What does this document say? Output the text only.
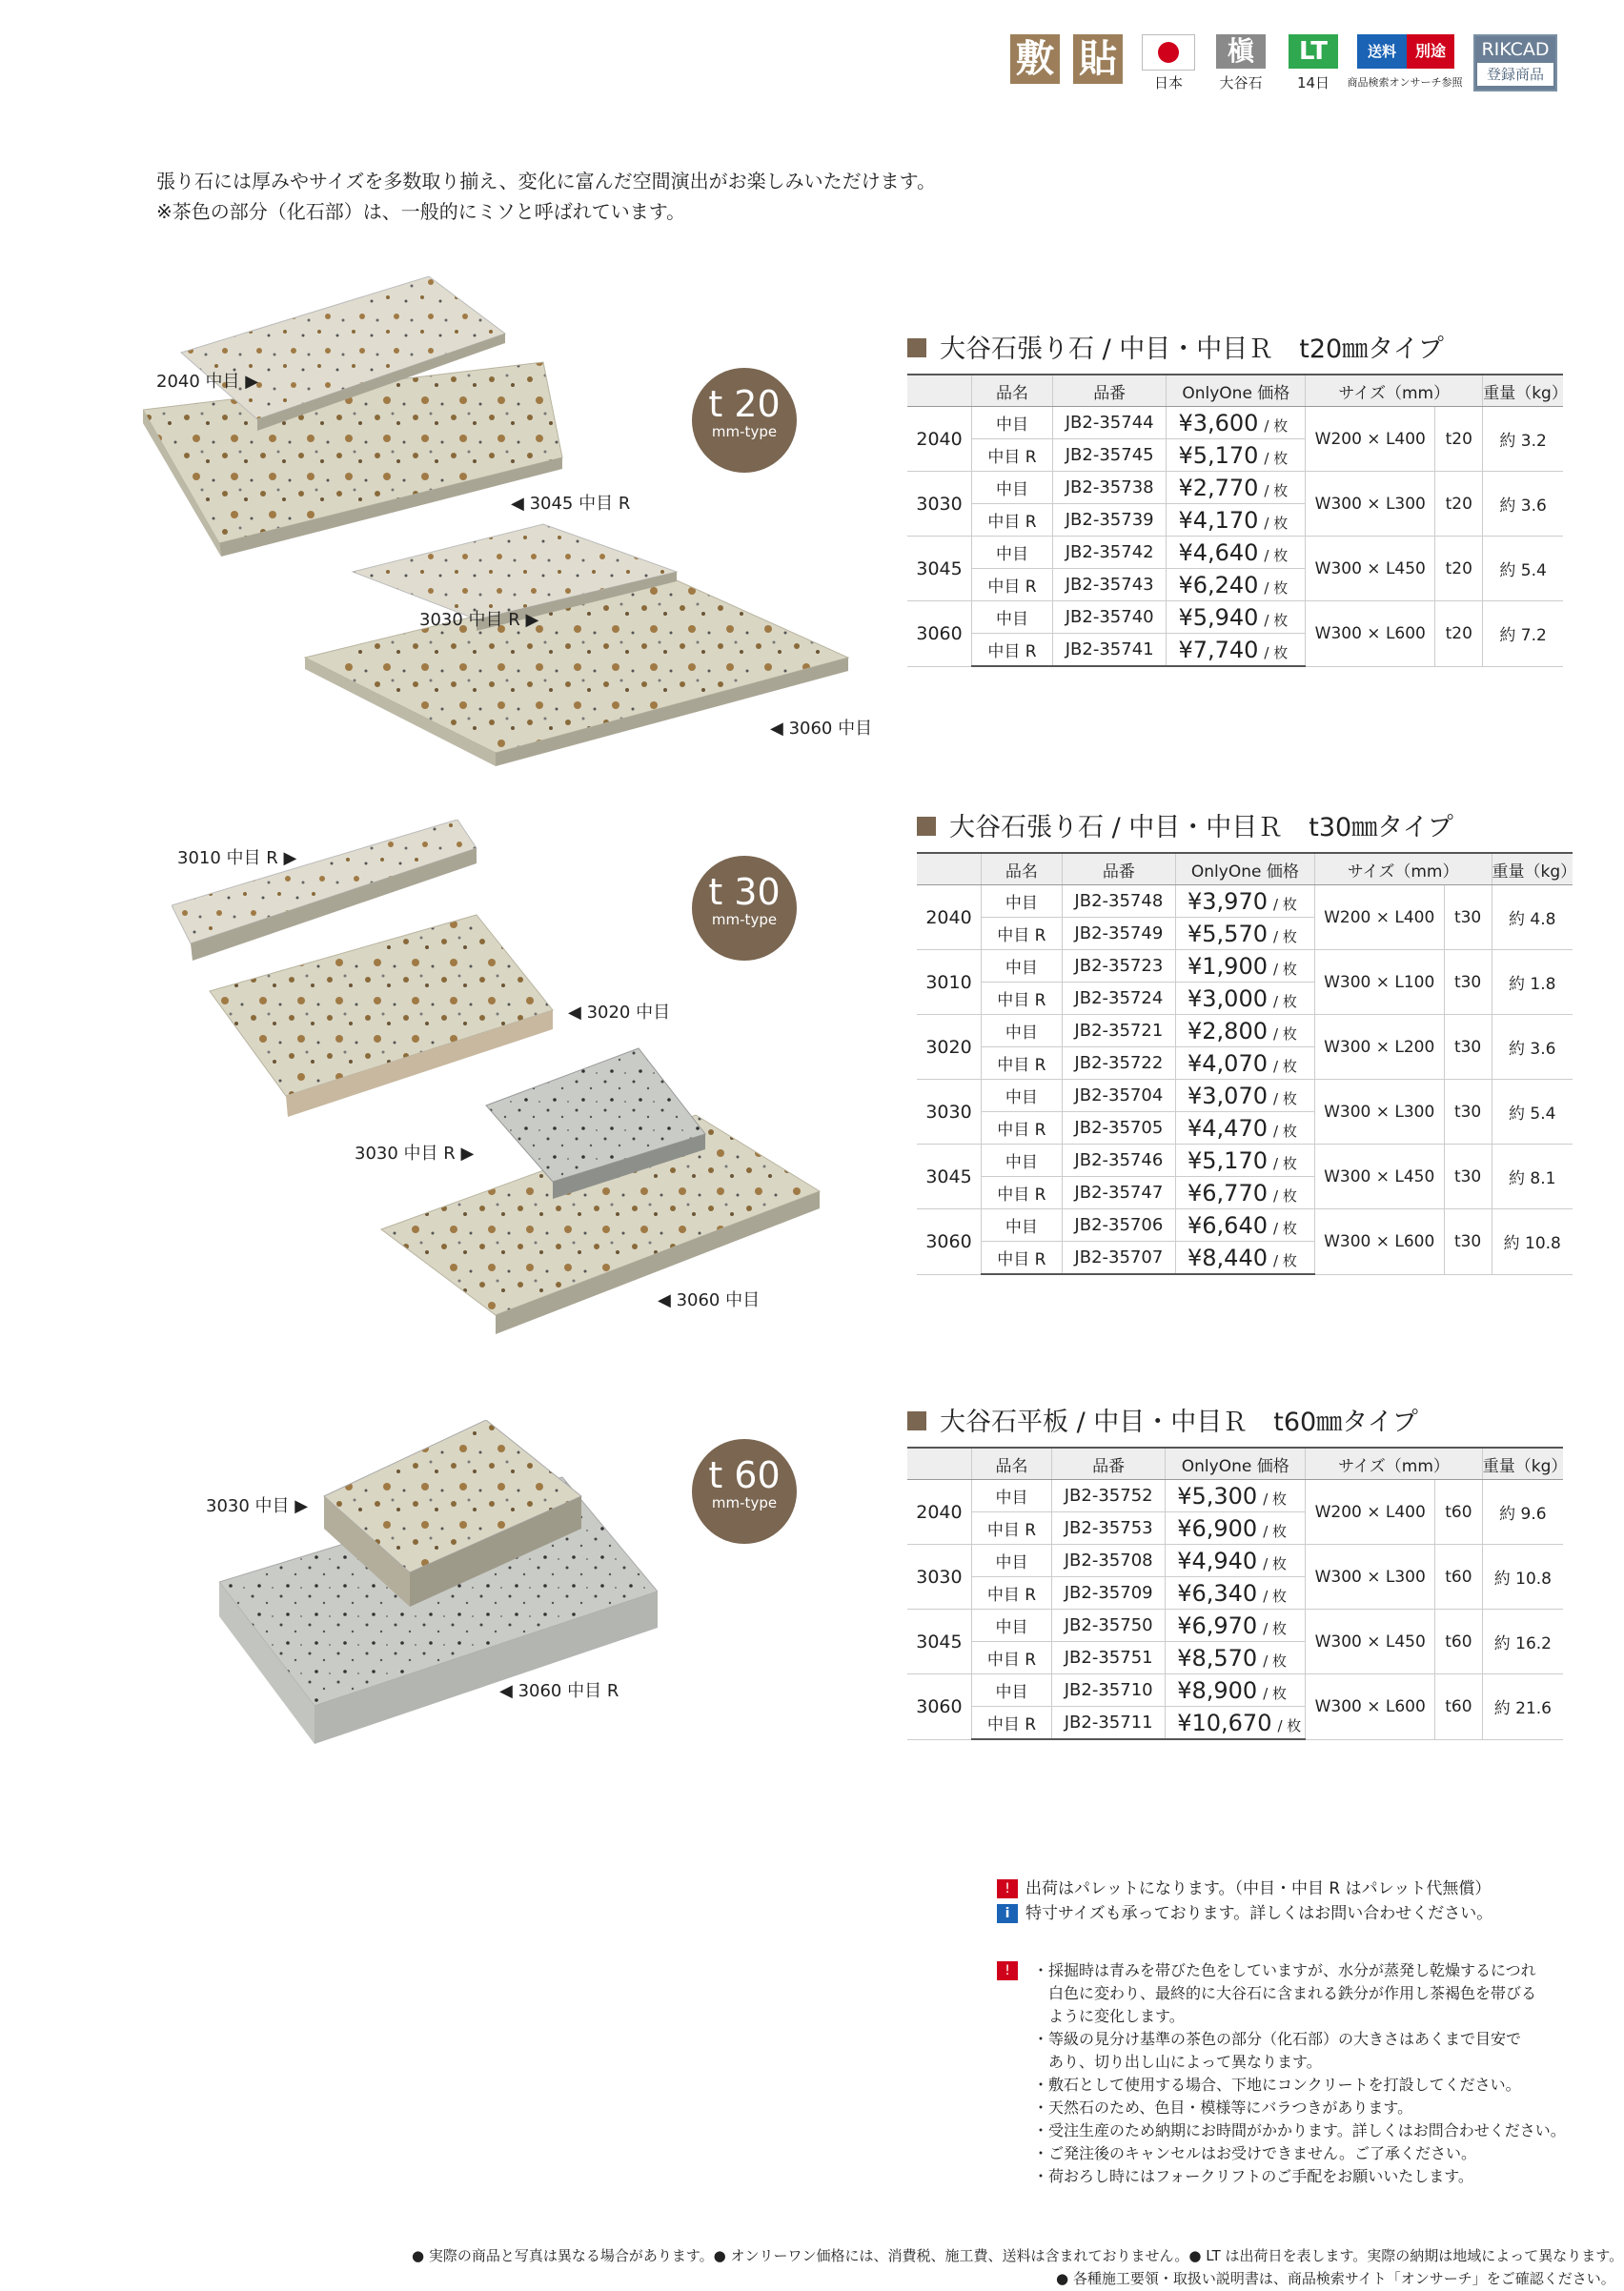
敷 貼
日本
槇
大谷石
LT
14日
送料	別途
商品検索オンサーチ参照
RIKCAD
登録商品
張り石には厚みやサイズを多数取り揃え、変化に富んだ空間演出がお楽しみいただけます。
※茶色の部分（化石部）は、一般的にミソと呼ばれています。
2040 中目 ▶
◀ 3045 中目 R
3030 中目 R ▶
◀ 3060 中目
3010 中目 R ▶
◀ 3020 中目
3030 中目 R ▶
◀ 3060 中目
3030 中目 ▶
◀ 3060 中目 R
t 20
mm-type
t 30
mm-type
t 60
mm-type
大谷石張り石 / 中目・中目Ｒ　t20㎜タイプ
大谷石張り石 / 中目・中目Ｒ　t30㎜タイプ
大谷石平板 / 中目・中目Ｒ　t60㎜タイプ
	品名	品番	OnlyOne 価格	サイズ（mm）		重量（kg）
2040	中目	JB2-35744	¥3,600 / 枚	W200 × L400	t20	約 3.2
	中目 R	JB2-35745	¥5,170 / 枚			
3030	中目	JB2-35738	¥2,770 / 枚	W300 × L300	t20	約 3.6
	中目 R	JB2-35739	¥4,170 / 枚			
3045	中目	JB2-35742	¥4,640 / 枚	W300 × L450	t20	約 5.4
	中目 R	JB2-35743	¥6,240 / 枚			
3060	中目	JB2-35740	¥5,940 / 枚	W300 × L600	t20	約 7.2
	中目 R	JB2-35741	¥7,740 / 枚			
	品名	品番	OnlyOne 価格	サイズ（mm）		重量（kg）
2040	中目	JB2-35748	¥3,970 / 枚	W200 × L400	t30	約 4.8
	中目 R	JB2-35749	¥5,570 / 枚			
3010	中目	JB2-35723	¥1,900 / 枚	W300 × L100	t30	約 1.8
	中目 R	JB2-35724	¥3,000 / 枚			
3020	中目	JB2-35721	¥2,800 / 枚	W300 × L200	t30	約 3.6
	中目 R	JB2-35722	¥4,070 / 枚			
3030	中目	JB2-35704	¥3,070 / 枚	W300 × L300	t30	約 5.4
	中目 R	JB2-35705	¥4,470 / 枚			
3045	中目	JB2-35746	¥5,170 / 枚	W300 × L450	t30	約 8.1
	中目 R	JB2-35747	¥6,770 / 枚			
3060	中目	JB2-35706	¥6,640 / 枚	W300 × L600	t30	約 10.8
	中目 R	JB2-35707	¥8,440 / 枚			
	品名	品番	OnlyOne 価格	サイズ（mm）		重量（kg）
2040	中目	JB2-35752	¥5,300 / 枚	W200 × L400	t60	約 9.6
	中目 R	JB2-35753	¥6,900 / 枚			
3030	中目	JB2-35708	¥4,940 / 枚	W300 × L300	t60	約 10.8
	中目 R	JB2-35709	¥6,340 / 枚			
3045	中目	JB2-35750	¥6,970 / 枚	W300 × L450	t60	約 16.2
	中目 R	JB2-35751	¥8,570 / 枚			
3060	中目	JB2-35710	¥8,900 / 枚	W300 × L600	t60	約 21.6
	中目 R	JB2-35711	¥10,670 / 枚			
! 出荷はパレットになります。（中目・中目 R はパレット代無償）
i 特寸サイズも承っております。詳しくはお問い合わせください。
!	・採掘時は青みを帯びた色をしていますが、水分が蒸発し乾燥するにつれ
　白色に変わり、最終的に大谷石に含まれる鉄分が作用し茶褐色を帯びる
　ように変化します。
・等級の見分け基準の茶色の部分（化石部）の大きさはあくまで目安で
　あり、切り出し山によって異なります。
・敷石として使用する場合、下地にコンクリートを打設してください。
・天然石のため、色目・模様等にバラつきがあります。
・受注生産のため納期にお時間がかかります。詳しくはお問合わせください。
・ご発注後のキャンセルはお受けできません。ご了承ください。
・荷おろし時にはフォークリフトのご手配をお願いいたします。
● 実際の商品と写真は異なる場合があります。● オンリーワン価格には、消費税、施工費、送料は含まれておりません。● LT は出荷日を表します。実際の納期は地域によって異なります。
● 各種施工要領・取扱い説明書は、商品検索サイト「オンサーチ」をご確認ください。
